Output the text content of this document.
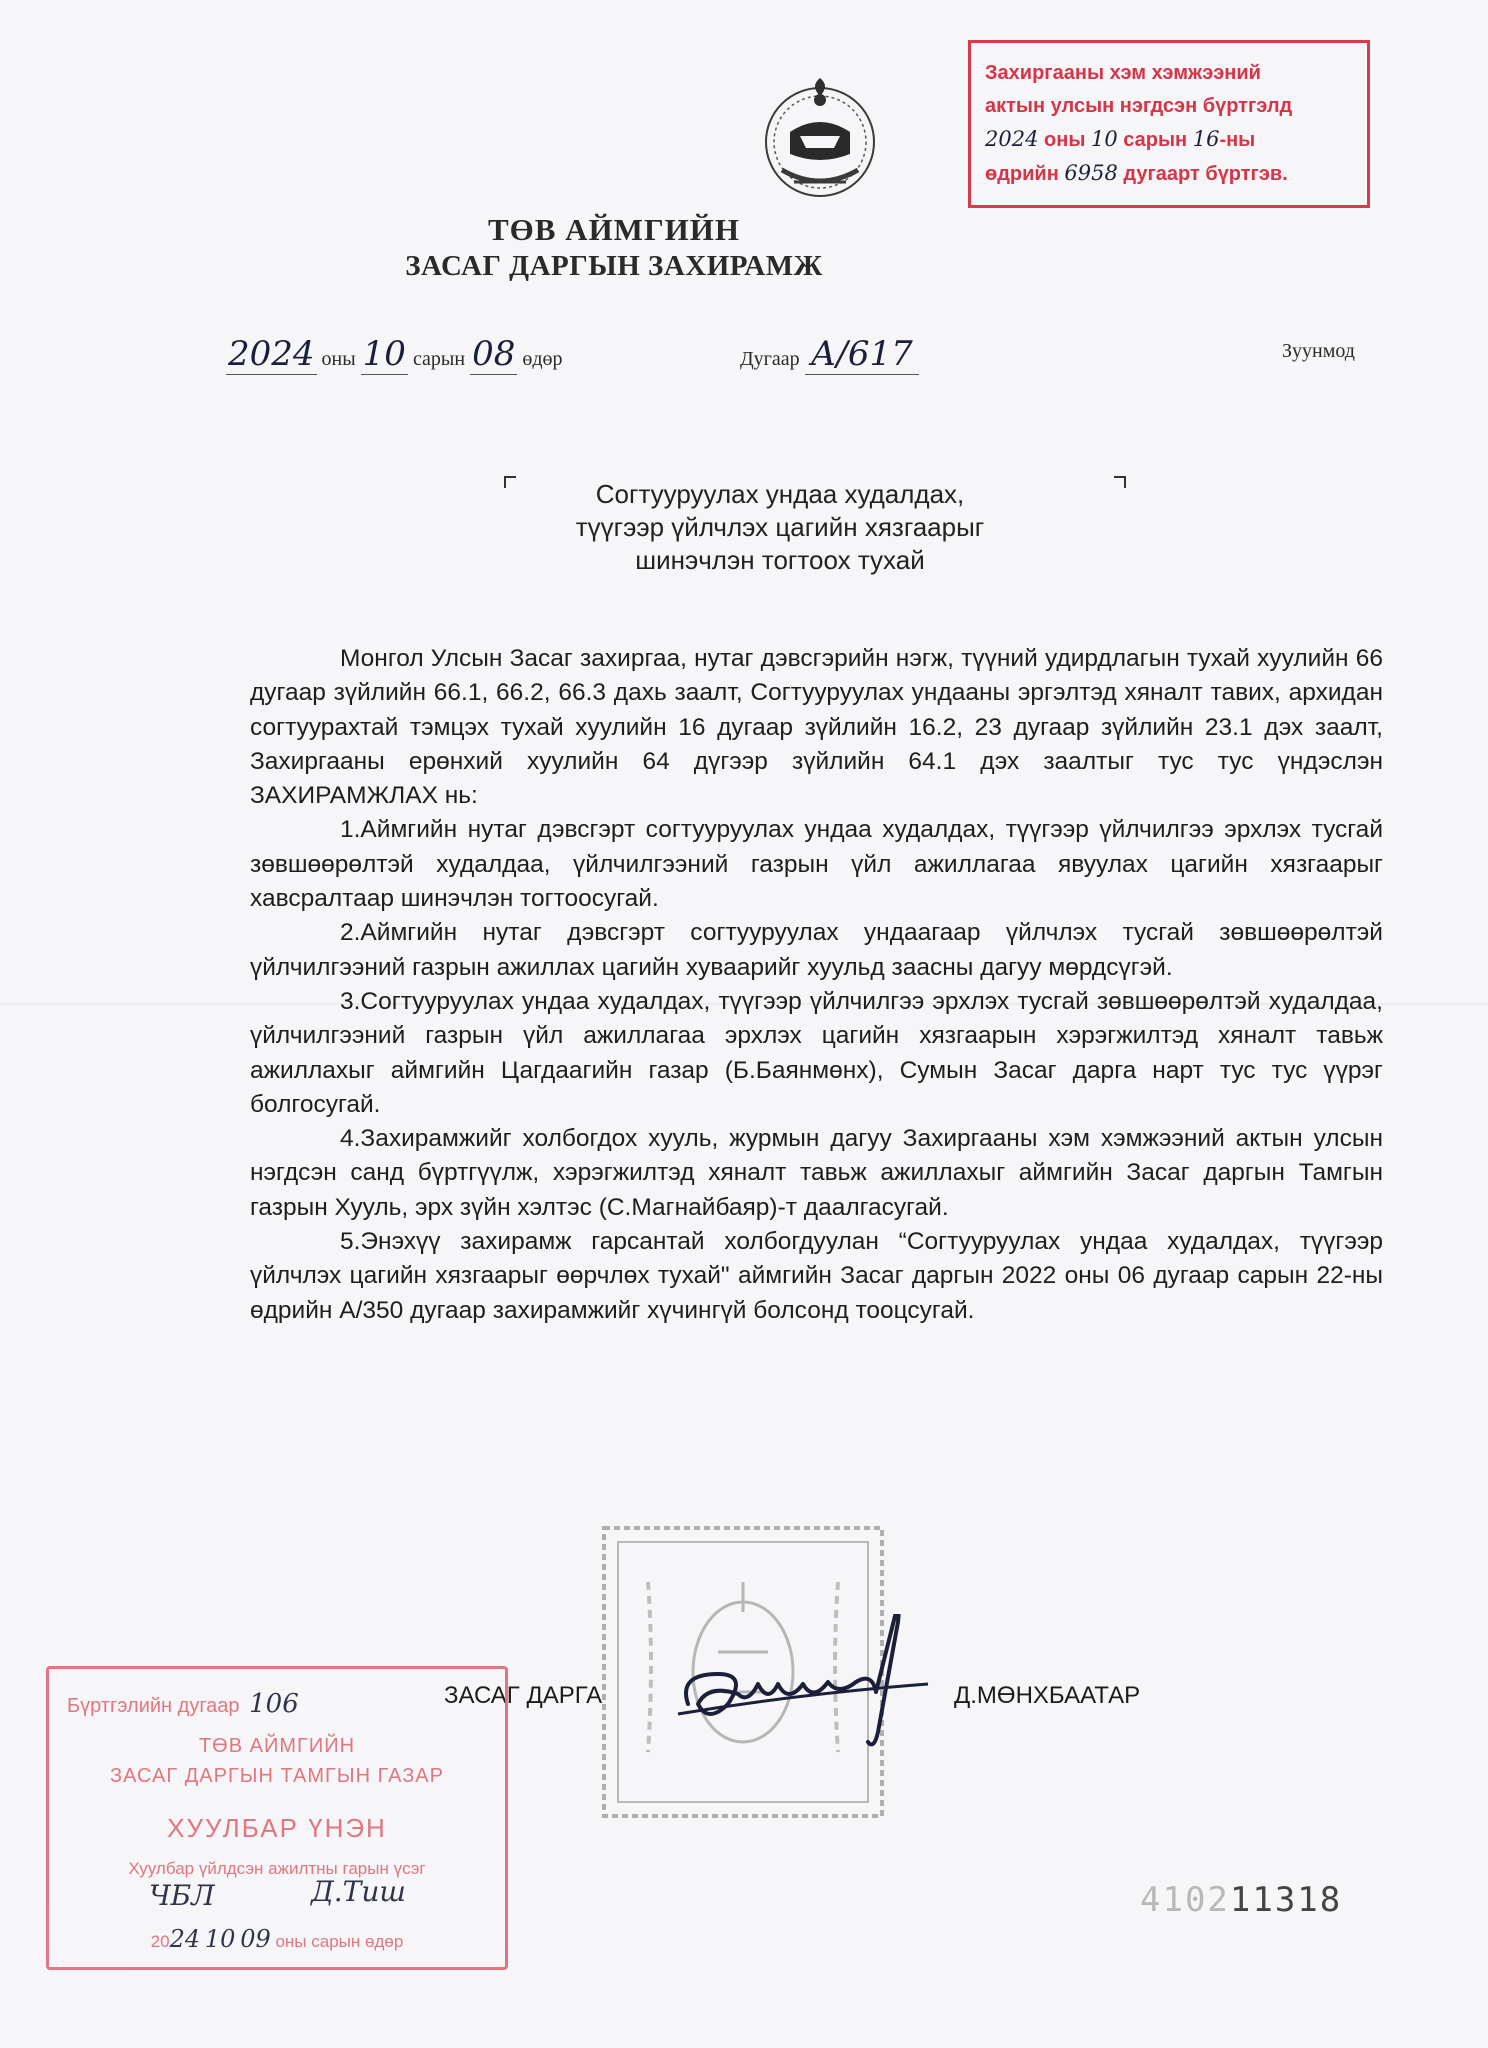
ТӨВ АЙМГИЙН
ЗАСАГ ДАРГЫН ЗАХИРАМЖ
2024 оны 10 сарын 08 өдөр	Дугаар А/617	Зуунмод
Согтууруулах ундаа худалдах,
түүгээр үйлчлэх цагийн хязгаарыг
шинэчлэн тогтоох тухай

Монгол Улсын Засаг захиргаа, нутаг дэвсгэрийн нэгж, түүний удирдлагын тухай хуулийн 66 дугаар зүйлийн 66.1, 66.2, 66.3 дахь заалт, Согтууруулах ундааны эргэлтэд хяналт тавих, архидан согтуурахтай тэмцэх тухай хуулийн 16 дугаар зүйлийн 16.2, 23 дугаар зүйлийн 23.1 дэх заалт, Захиргааны ерөнхий хуулийн 64 дүгээр зүйлийн 64.1 дэх заалтыг тус тус үндэслэн ЗАХИРАМЖЛАХ нь:

1.Аймгийн нутаг дэвсгэрт согтууруулах ундаа худалдах, түүгээр үйлчилгээ эрхлэх тусгай зөвшөөрөлтэй худалдаа, үйлчилгээний газрын үйл ажиллагаа явуулах цагийн хязгаарыг хавсралтаар шинэчлэн тогтоосугай.

2.Аймгийн нутаг дэвсгэрт согтууруулах ундаагаар үйлчлэх тусгай зөвшөөрөлтэй үйлчилгээний газрын ажиллах цагийн хуваарийг хуульд заасны дагуу мөрдсүгэй.

3.Согтууруулах ундаа худалдах, түүгээр үйлчилгээ эрхлэх тусгай зөвшөөрөлтэй худалдаа, үйлчилгээний газрын үйл ажиллагаа эрхлэх цагийн хязгаарын хэрэгжилтэд хяналт тавьж ажиллахыг аймгийн Цагдаагийн газар (Б.Баянмөнх), Сумын Засаг дарга нарт тус тус үүрэг болгосугай.

4.Захирамжийг холбогдох хууль, журмын дагуу Захиргааны хэм хэмжээний актын улсын нэгдсэн санд бүртгүүлж, хэрэгжилтэд хяналт тавьж ажиллахыг аймгийн Засаг даргын Тамгын газрын Хууль, эрх зүйн хэлтэс (С.Магнайбаяр)-т даалгасугай.

5.Энэхүү захирамж гарсантай холбогдуулан “Согтууруулах ундаа худалдах, түүгээр үйлчлэх цагийн хязгаарыг өөрчлөх тухай" аймгийн Засаг даргын 2022 оны 06 дугаар сарын 22-ны өдрийн А/350 дугаар захирамжийг хүчингүй болсонд тооцсугай.

ЗАСАГ ДАРГА	Д.МӨНХБААТАР
Захиргааны хэм хэмжээний
актын улсын нэгдсэн бүртгэлд
2024 оны 10 сарын 16-ны
өдрийн 6958 дугаарт бүртгэв.
Бүртгэлийн дугаар 106
ТӨВ АЙМГИЙН
ЗАСАГ ДАРГЫН ТАМГЫН ГАЗАР
ХУУЛБАР ҮНЭН
Хуулбар үйлдсэн ажилтны гарын үсэг
ЧБЛ	Д.Тиш
2024 10 09 оны сарын өдөр
410211318
